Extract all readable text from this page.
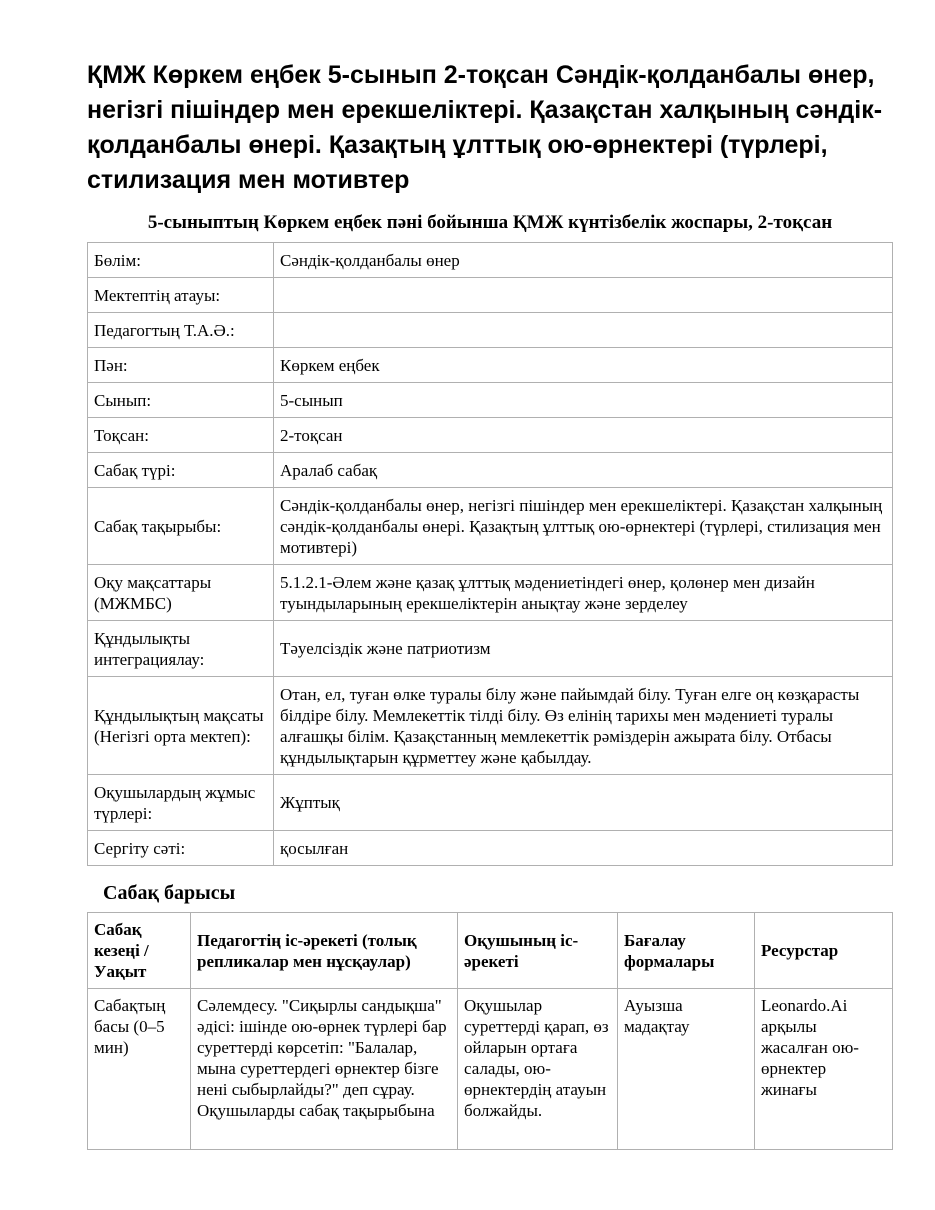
ҚМЖ Көркем еңбек 5-сынып 2-тоқсан Сәндік-қолданбалы өнер, негізгі пішіндер мен ерекшеліктері. Қазақстан халқының сәндік-қолданбалы өнері. Қазақтың ұлттық ою-өрнектері (түрлері, стилизация мен мотивтер

5-сыныптың Көркем еңбек пәні бойынша ҚМЖ күнтізбелік жоспары, 2-тоқсан

Бөлім:	Сәндік-қолданбалы өнер
Мектептің атауы:	
Педагогтың Т.А.Ә.:	
Пән:	Көркем еңбек
Сынып:	5-сынып
Тоқсан:	2-тоқсан
Сабақ түрі:	Аралаб сабақ
Сабақ тақырыбы:	Сәндік-қолданбалы өнер, негізгі пішіндер мен ерекшеліктері. Қазақстан халқының сәндік-қолданбалы өнері. Қазақтың ұлттық ою-өрнектері (түрлері, стилизация мен мотивтері)
Оқу мақсаттары (МЖМБС)	5.1.2.1-Әлем және қазақ ұлттық мәдениетіндегі өнер, қолөнер мен дизайн туындыларының ерекшеліктерін анықтау және зерделеу
Құндылықты интеграциялау:	Тәуелсіздік және патриотизм
Құндылықтың мақсаты (Негізгі орта мектеп):	Отан, ел, туған өлке туралы білу және пайымдай білу. Туған елге оң көзқарасты білдіре білу. Мемлекеттік тілді білу. Өз елінің тарихы мен мәдениеті туралы алғашқы білім. Қазақстанның мемлекеттік рәміздерін ажырата білу. Отбасы құндылықтарын құрметтеу және қабылдау.
Оқушылардың жұмыс түрлері:	Жұптық
Сергіту сәті:	қосылған
Сабақ барысы
Сабақ кезеңі / Уақыт	Педагогтің іс-әрекеті (толық репликалар мен нұсқаулар)	Оқушының іс-әрекеті	Бағалау формалары	Ресурстар
Сабақтың басы (0–5 мин)	Сәлемдесу. "Сиқырлы сандықша" әдісі: ішінде ою-өрнек түрлері бар суреттерді көрсетіп: "Балалар, мына суреттердегі өрнектер бізге нені сыбырлайды?" деп сұрау. Оқушыларды сабақ тақырыбына	Оқушылар суреттерді қарап, өз ойларын ортаға салады, ою-өрнектердің атауын болжайды.	Ауызша мадақтау	Leonardo.Ai арқылы жасалған ою-өрнектер жинағы
